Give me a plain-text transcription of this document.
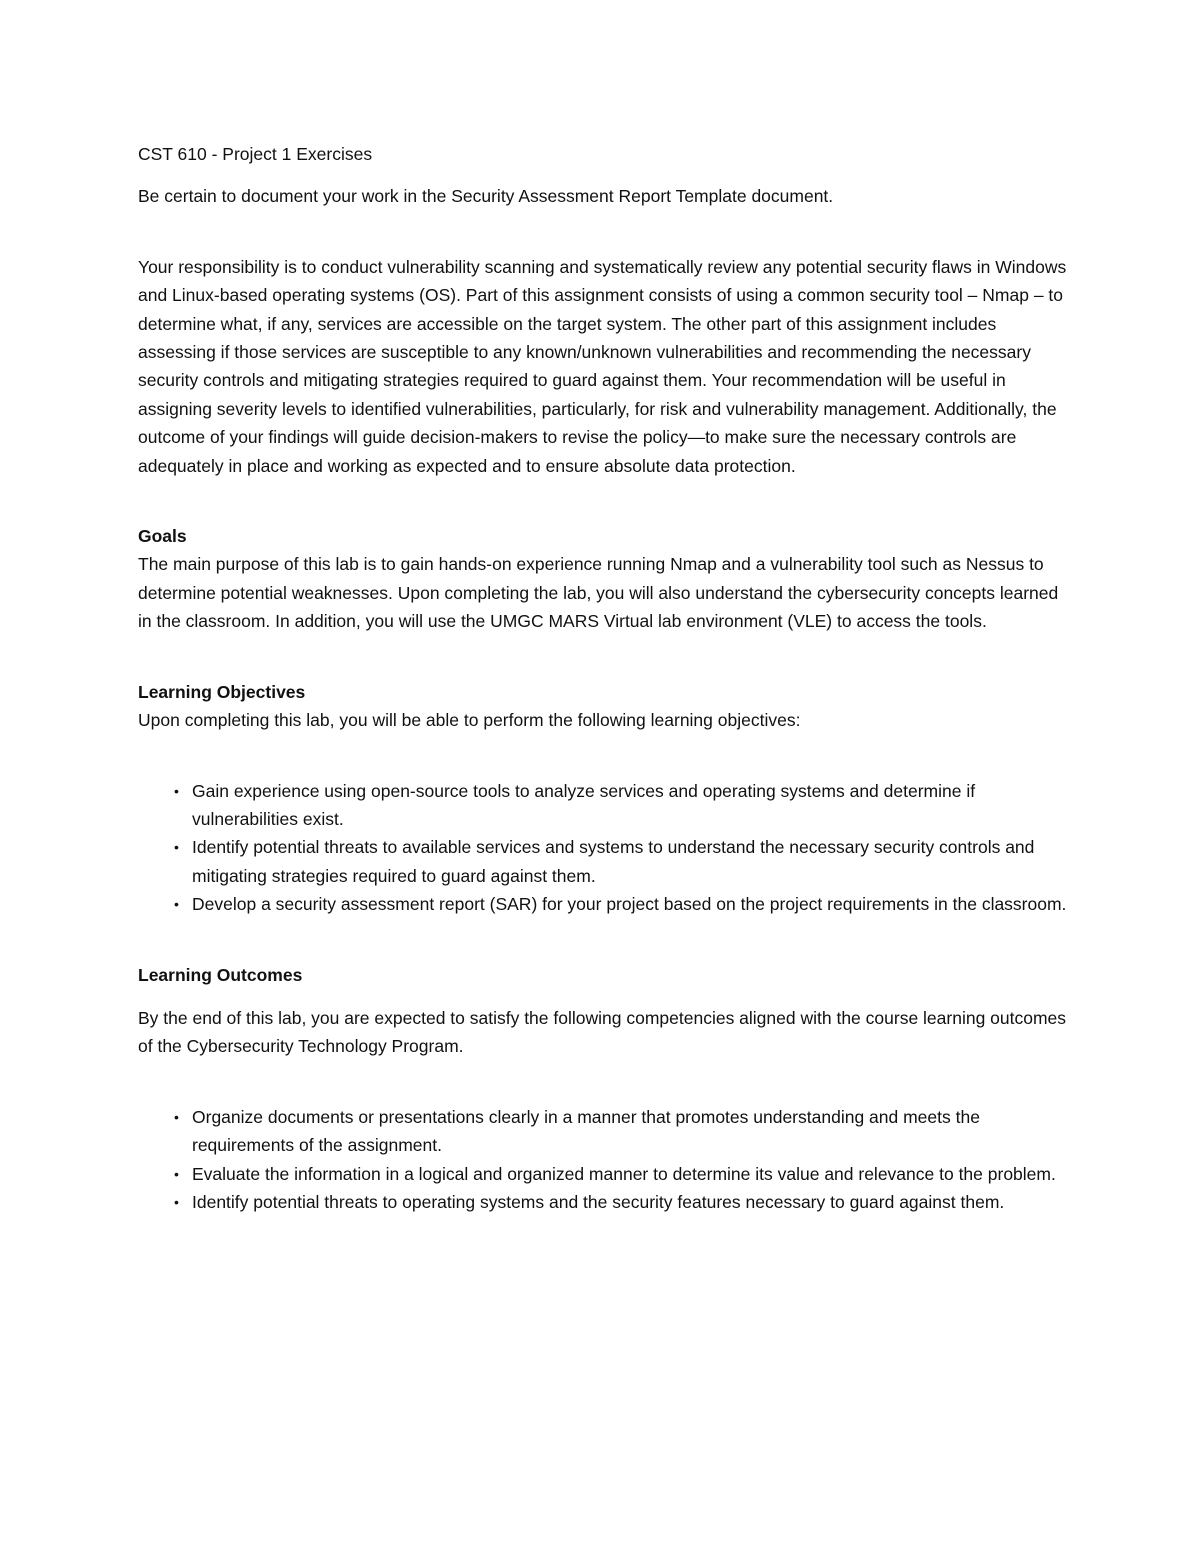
CST 610 - Project 1 Exercises

Be certain to document your work in the Security Assessment Report Template document.

Your responsibility is to conduct vulnerability scanning and systematically review any potential security flaws in Windows and Linux-based operating systems (OS). Part of this assignment consists of using a common security tool – Nmap – to determine what, if any, services are accessible on the target system. The other part of this assignment includes assessing if those services are susceptible to any known/unknown vulnerabilities and recommending the necessary security controls and mitigating strategies required to guard against them. Your recommendation will be useful in assigning severity levels to identified vulnerabilities, particularly, for risk and vulnerability management. Additionally, the outcome of your findings will guide decision-makers to revise the policy—to make sure the necessary controls are adequately in place and working as expected and to ensure absolute data protection.

Goals

The main purpose of this lab is to gain hands-on experience running Nmap and a vulnerability tool such as Nessus to determine potential weaknesses. Upon completing the lab, you will also understand the cybersecurity concepts learned in the classroom. In addition, you will use the UMGC MARS Virtual lab environment (VLE) to access the tools.

Learning Objectives

Upon completing this lab, you will be able to perform the following learning objectives:

• Gain experience using open-source tools to analyze services and operating systems and determine if vulnerabilities exist.
• Identify potential threats to available services and systems to understand the necessary security controls and mitigating strategies required to guard against them.
• Develop a security assessment report (SAR) for your project based on the project requirements in the classroom.

Learning Outcomes

By the end of this lab, you are expected to satisfy the following competencies aligned with the course learning outcomes of the Cybersecurity Technology Program.

• Organize documents or presentations clearly in a manner that promotes understanding and meets the requirements of the assignment.
• Evaluate the information in a logical and organized manner to determine its value and relevance to the problem.
• Identify potential threats to operating systems and the security features necessary to guard against them.
